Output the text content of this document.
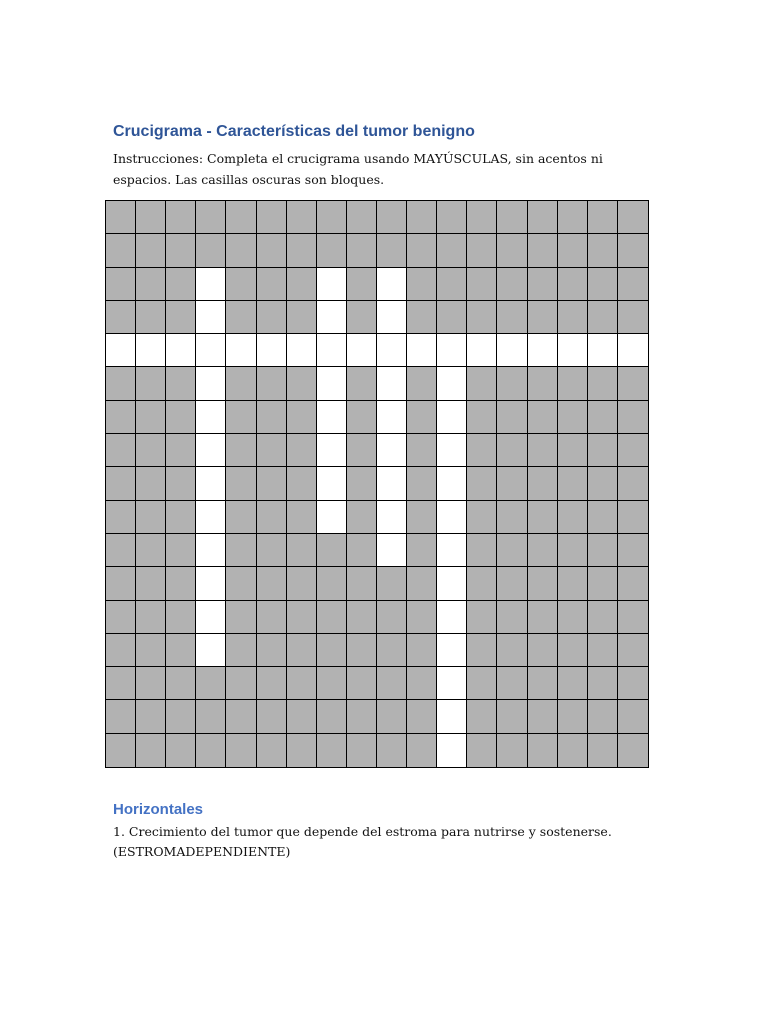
Crucigrama - Características del tumor benigno
Instrucciones: Completa el crucigrama usando MAYÚSCULAS, sin acentos ni espacios. Las casillas oscuras son bloques.
Horizontales
1. Crecimiento del tumor que depende del estroma para nutrirse y sostenerse. (ESTROMADEPENDIENTE)
